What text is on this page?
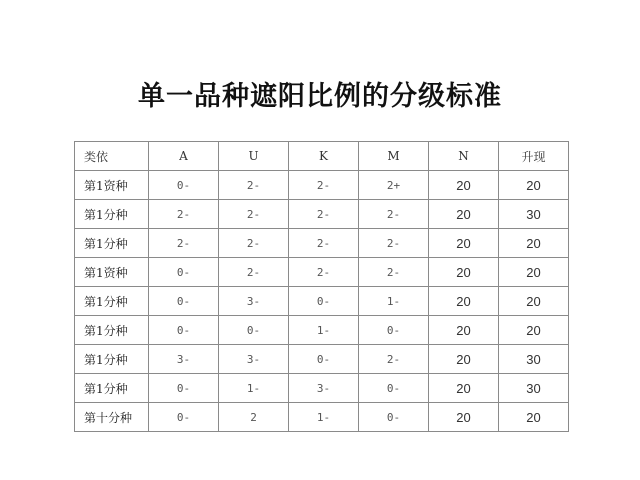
单一品种遮阳比例的分级标准
类依	A	U	K	M	N	升现
第1资种	0-	2-	2-	2+	20	20
第1分种	2-	2-	2-	2-	20	30
第1分种	2-	2-	2-	2-	20	20
第1资种	0-	2-	2-	2-	20	20
第1分种	0-	3-	0-	1-	20	20
第1分种	0-	0-	1-	0-	20	20
第1分种	3-	3-	0-	2-	20	30
第1分种	0-	1-	3-	0-	20	30
第十分种	0-	2	1-	0-	20	20
